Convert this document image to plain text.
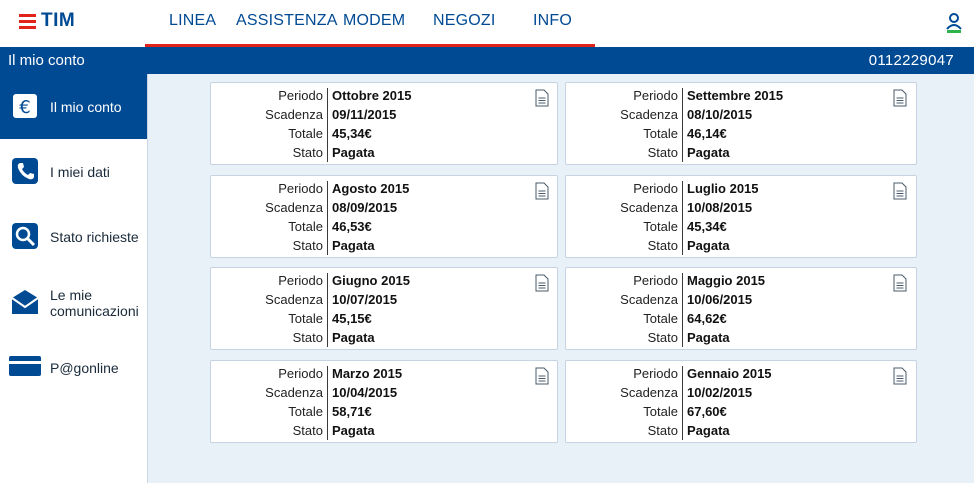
TIM	LINEA ASSISTENZA MODEM NEGOZI INFO
Il mio conto	0112229047
€ Il mio conto
I miei dati
Stato richieste
Le mie comunicazioni
P@gonline
Periodo Ottobre 2015
Scadenza 09/11/2015
Totale 45,34€
Stato Pagata
Periodo Settembre 2015
Scadenza 08/10/2015
Totale 46,14€
Stato Pagata
Periodo Agosto 2015
Scadenza 08/09/2015
Totale 46,53€
Stato Pagata
Periodo Luglio 2015
Scadenza 10/08/2015
Totale 45,34€
Stato Pagata
Periodo Giugno 2015
Scadenza 10/07/2015
Totale 45,15€
Stato Pagata
Periodo Maggio 2015
Scadenza 10/06/2015
Totale 64,62€
Stato Pagata
Periodo Marzo 2015
Scadenza 10/04/2015
Totale 58,71€
Stato Pagata
Periodo Gennaio 2015
Scadenza 10/02/2015
Totale 67,60€
Stato Pagata
